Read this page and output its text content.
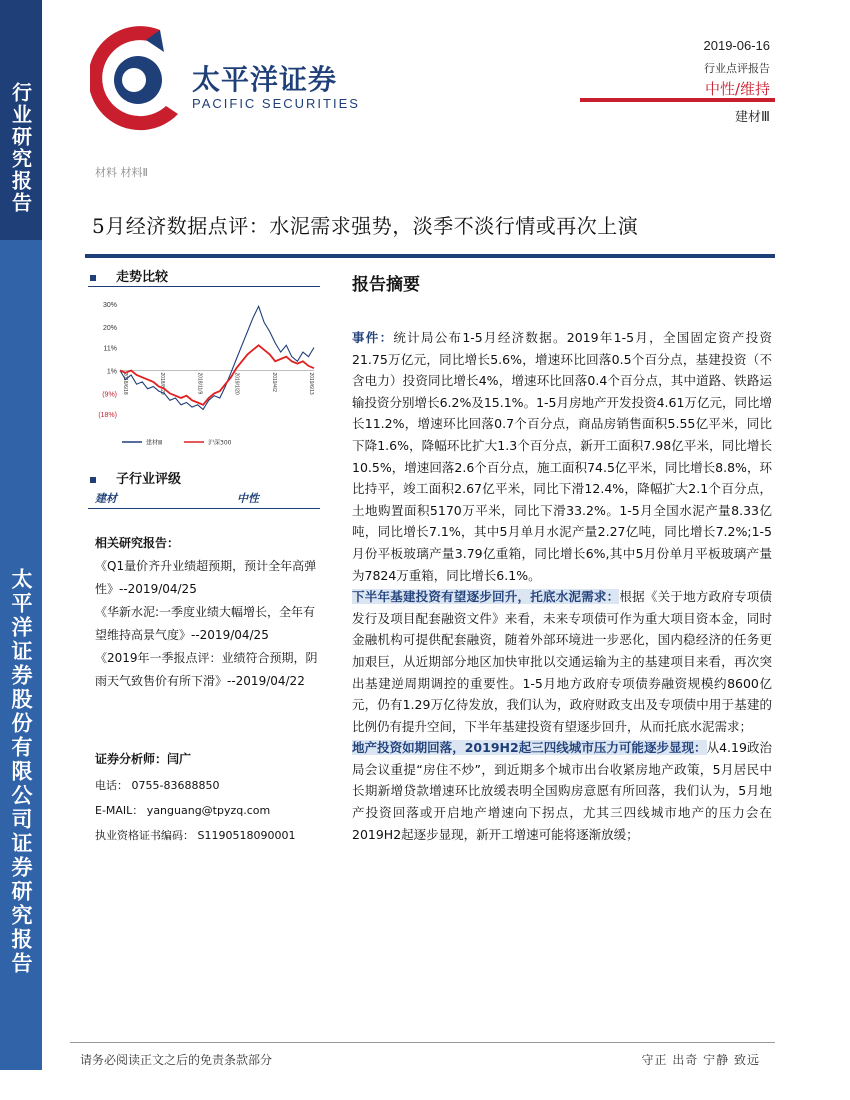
行业研究报告
太平洋证券股份有限公司证券研究报告
太平洋证券
PACIFIC SECURITIES
2019-06-16
行业点评报告
中性/维持
建材Ⅲ
材料 材料Ⅱ
5月经济数据点评：水泥需求强势，淡季不淡行情或再次上演
走势比较
30%
20%
11%
1%
(9%)
(18%)
2018/6/18	2018/8/29	2018/11/9	2019/1/20	2019/4/2	2019/6/13
建材Ⅲ	沪深300
子行业评级
建材	中性
相关研究报告：
《Q1量价齐升业绩超预期，预计全年高弹性》--2019/04/25
《华新水泥:一季度业绩大幅增长，全年有望维持高景气度》--2019/04/25
《2019年一季报点评：业绩符合预期，阴雨天气致售价有所下滑》--2019/04/22
证券分析师：闫广
电话： 0755-83688850
E-MAIL： yanguang@tpyzq.com
执业资格证书编码： S1190518090001
报告摘要

事件：统计局公布1-5月经济数据。2019年1-5月，全国固定资产投资21.75万亿元，同比增长5.6%，增速环比回落0.5个百分点，基建投资（不含电力）投资同比增长4%，增速环比回落0.4个百分点，其中道路、铁路运输投资分别增长6.2%及15.1%。1-5月房地产开发投资4.61万亿元，同比增长11.2%，增速环比回落0.7个百分点，商品房销售面积5.55亿平米，同比下降1.6%，降幅环比扩大1.3个百分点，新开工面积7.98亿平米，同比增长10.5%，增速回落2.6个百分点，施工面积74.5亿平米，同比增长8.8%，环比持平，竣工面积2.67亿平米，同比下滑12.4%，降幅扩大2.1个百分点，土地购置面积5170万平米，同比下滑33.2%。1-5月全国水泥产量8.33亿吨，同比增长7.1%，其中5月单月水泥产量2.27亿吨，同比增长7.2%;1-5月份平板玻璃产量3.79亿重箱，同比增长6%,其中5月份单月平板玻璃产量为7824万重箱，同比增长6.1%。

下半年基建投资有望逐步回升，托底水泥需求：根据《关于地方政府专项债发行及项目配套融资文件》来看，未来专项债可作为重大项目资本金，同时金融机构可提供配套融资，随着外部环境进一步恶化，国内稳经济的任务更加艰巨，从近期部分地区加快审批以交通运输为主的基建项目来看，再次突出基建逆周期调控的重要性。1-5月地方政府专项债券融资规模约8600亿元，仍有1.29万亿待发放，我们认为，政府财政支出及专项债中用于基建的比例仍有提升空间，下半年基建投资有望逐步回升，从而托底水泥需求；

地产投资如期回落，2019H2起三四线城市压力可能逐步显现：从4.19政治局会议重提“房住不炒”，到近期多个城市出台收紧房地产政策，5月居民中长期新增贷款增速环比放缓表明全国购房意愿有所回落，我们认为，5月地产投资回落或开启地产增速向下拐点，尤其三四线城市地产的压力会在2019H2起逐步显现，新开工增速可能将逐渐放缓；

请务必阅读正文之后的免责条款部分	守正 出奇 宁静 致远
